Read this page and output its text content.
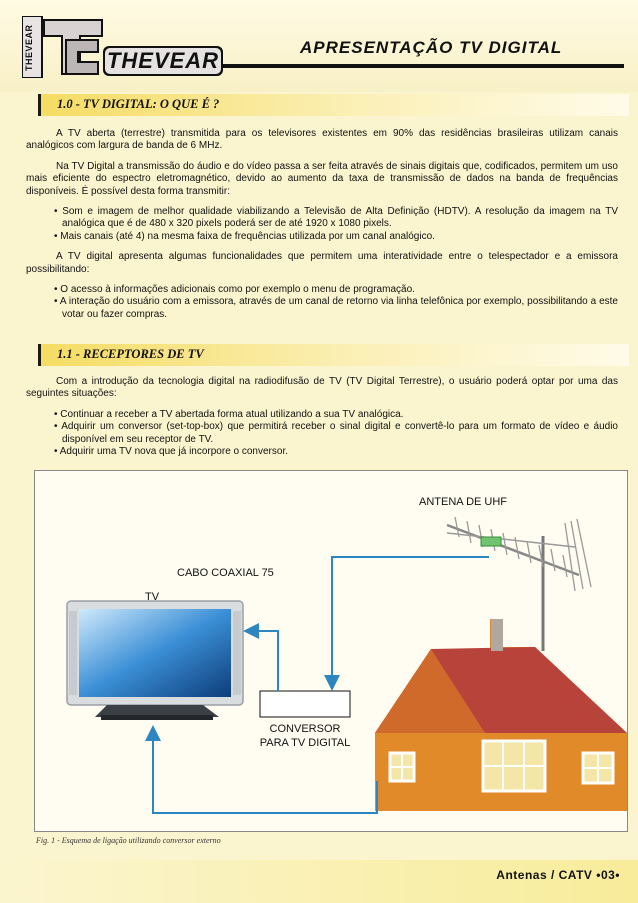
THEVEAR	THEVEAR
APRESENTAÇÃO TV DIGITAL
1.0 - TV DIGITAL: O QUE É ?

A TV aberta (terrestre) transmitida para os televisores existentes em 90% das residências brasileiras utilizam canais analógicos com largura de banda de 6 MHz.

Na TV Digital a transmissão do áudio e do vídeo passa a ser feita através de sinais digitais que, codificados, permitem um uso mais eficiente do espectro eletromagnético, devido ao aumento da taxa de transmissão de dados na banda de frequências disponíveis. É possível desta forma transmitir:

• Som e imagem de melhor qualidade viabilizando a Televisão de Alta Definição (HDTV). A resolução da imagem na TV analógica que é de 480 x 320 pixels poderá ser de até 1920 x 1080 pixels.
• Mais canais (até 4) na mesma faixa de frequências utilizada por um canal analógico.

A TV digital apresenta algumas funcionalidades que permitem uma interatividade entre o telespectador e a emissora possibilitando:

• O acesso à informações adicionais como por exemplo o menu de programação.
• A interação do usuário com a emissora, através de um canal de retorno via linha telefônica por exemplo, possibilitando a este votar ou fazer compras.
1.1 - RECEPTORES DE TV

Com a introdução da tecnologia digital na radiodifusão de TV (TV Digital Terrestre), o usuário poderá optar por uma das seguintes situações:

• Continuar a receber a TV abertada forma atual utilizando a sua TV analógica.
• Adquirir um conversor (set-top-box) que permitirá receber o sinal digital e convertê-lo para um formato de vídeo e áudio disponível em seu receptor de TV.
• Adquirir uma TV nova que já incorpore o conversor.
ANTENA DE UHF
CABO COAXIAL 75
TV
CONVERSOR
PARA TV DIGITAL
Fig. 1 - Esquema de ligação utilizando conversor externo
Antenas / CATV •03•
